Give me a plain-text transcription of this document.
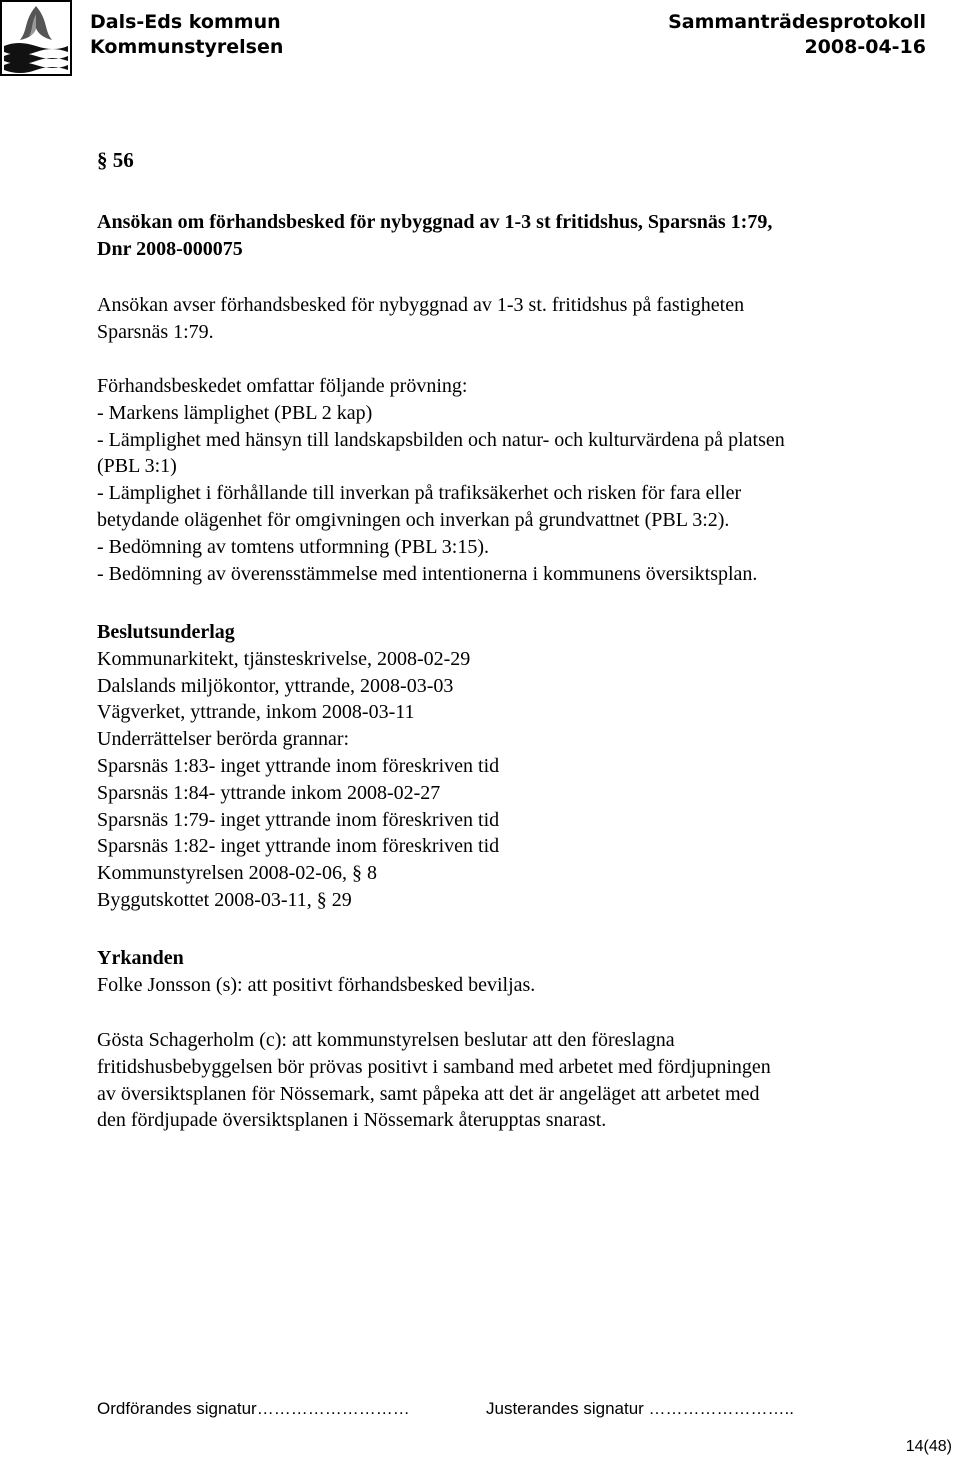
Dals-Eds kommun
Kommunstyrelsen
Sammanträdesprotokoll
2008-04-16
§ 56
Ansökan om förhandsbesked för nybyggnad av 1-3 st fritidshus, Sparsnäs 1:79,
Dnr 2008-000075
Ansökan avser förhandsbesked för nybyggnad av 1-3 st. fritidshus på fastigheten
Sparsnäs 1:79.
Förhandsbeskedet omfattar följande prövning:
- Markens lämplighet (PBL 2 kap)
- Lämplighet med hänsyn till landskapsbilden och natur- och kulturvärdena på platsen
(PBL 3:1)
- Lämplighet i förhållande till inverkan på trafiksäkerhet och risken för fara eller
betydande olägenhet för omgivningen och inverkan på grundvattnet (PBL 3:2).
- Bedömning av tomtens utformning (PBL 3:15).
- Bedömning av överensstämmelse med intentionerna i kommunens översiktsplan.
Beslutsunderlag
Kommunarkitekt, tjänsteskrivelse, 2008-02-29
Dalslands miljökontor, yttrande, 2008-03-03
Vägverket, yttrande, inkom 2008-03-11
Underrättelser berörda grannar:
Sparsnäs 1:83- inget yttrande inom föreskriven tid
Sparsnäs 1:84- yttrande inkom 2008-02-27
Sparsnäs 1:79- inget yttrande inom föreskriven tid
Sparsnäs 1:82- inget yttrande inom föreskriven tid
Kommunstyrelsen 2008-02-06, § 8
Byggutskottet 2008-03-11, § 29
Yrkanden
Folke Jonsson (s): att positivt förhandsbesked beviljas.
Gösta Schagerholm (c): att kommunstyrelsen beslutar att den föreslagna
fritidshusbebyggelsen bör prövas positivt i samband med arbetet med fördjupningen
av översiktsplanen för Nössemark, samt påpeka att det är angeläget att arbetet med
den fördjupade översiktsplanen i Nössemark återupptas snarast.
Ordförandes signatur………………………	Justerandes signatur ……………………..
14(48)
